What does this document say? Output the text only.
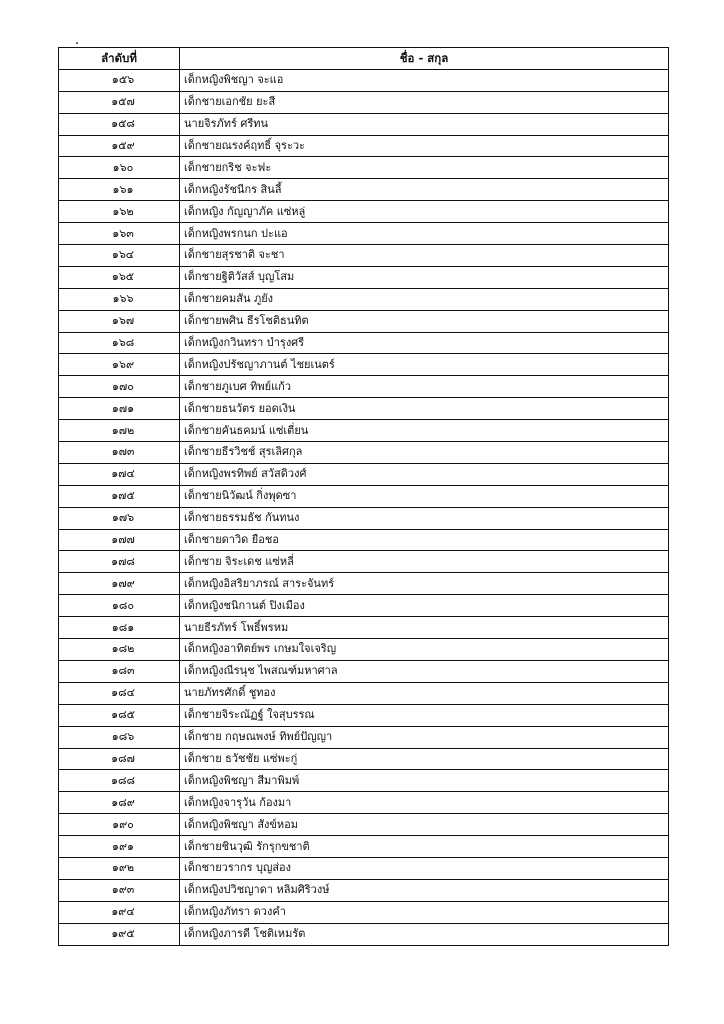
ลำดับที่	ชื่อ - สกุล
๑๕๖	เด็กหญิงพิชญา จะแอ
๑๕๗	เด็กชายเอกชัย ยะสี
๑๕๘	นายจิรภัทร์ ศรีทน
๑๕๙	เด็กชายณรงค์ฤทธิ์ จุระวะ
๑๖๐	เด็กชายกริช จะฟะ
๑๖๑	เด็กหญิงรัชนีกร สินลี้
๑๖๒	เด็กหญิง กัญญาภัค แซ่หลู่
๑๖๓	เด็กหญิงพรกนก ปะแอ
๑๖๔	เด็กชายสุรชาติ จะชา
๑๖๕	เด็กชายฐิติวัสส์ บุญโสม
๑๖๖	เด็กชายคมสัน ภูยัง
๑๖๗	เด็กชายพศิน ธีรโชติธนทิต
๑๖๘	เด็กหญิงกวินทรา บำรุงศรี
๑๖๙	เด็กหญิงปรัชญาภานต์ ไชยเนตร์
๑๗๐	เด็กชายภูเบศ ทิพย์แก้ว
๑๗๑	เด็กชายธนวัตร ยอดเงิน
๑๗๒	เด็กชายคันธคมน์ แซ่เตี่ยน
๑๗๓	เด็กชายธีรวิชช์ สุรเลิศกุล
๑๗๔	เด็กหญิงพรทิพย์ สวัสดิวงศ์
๑๗๕	เด็กชายนิวัฒน์ กิ่งพุดซา
๑๗๖	เด็กชายธรรมธัช กันทนง
๑๗๗	เด็กชายดาวิด ยือชอ
๑๗๘	เด็กชาย จิระเดช แซ่หลี่
๑๗๙	เด็กหญิงอิสริยาภรณ์ สาระจันทร์
๑๘๐	เด็กหญิงชนิกานต์ ปิงเมือง
๑๘๑	นายธีรภัทร์ โพธิ์พรหม
๑๘๒	เด็กหญิงอาทิตย์พร เกษมใจเจริญ
๑๘๓	เด็กหญิงณีรนุช ไพสณฑ์มหาศาล
๑๘๔	นายภัทรศักดิ์ ชูทอง
๑๘๕	เด็กชายจิระณัฏฐ์ ใจสุบรรณ
๑๘๖	เด็กชาย กฤษณพงษ์ ทิพย์ปัญญา
๑๘๗	เด็กชาย ธวัชชัย แซ่พะกู่
๑๘๘	เด็กหญิงพิชญา สีมาพิมพ์
๑๘๙	เด็กหญิงจารุวัน ก้องมา
๑๙๐	เด็กหญิงพิชญา สังข์หอม
๑๙๑	เด็กชายชินวุฒิ รักรุกขชาติ
๑๙๒	เด็กชายวรากร บุญส่อง
๑๙๓	เด็กหญิงปวิชญาดา หลิมศิริวงษ์
๑๙๔	เด็กหญิงภัทรา ดวงคำ
๑๙๕	เด็กหญิงภารดี โชติเหมรัต
